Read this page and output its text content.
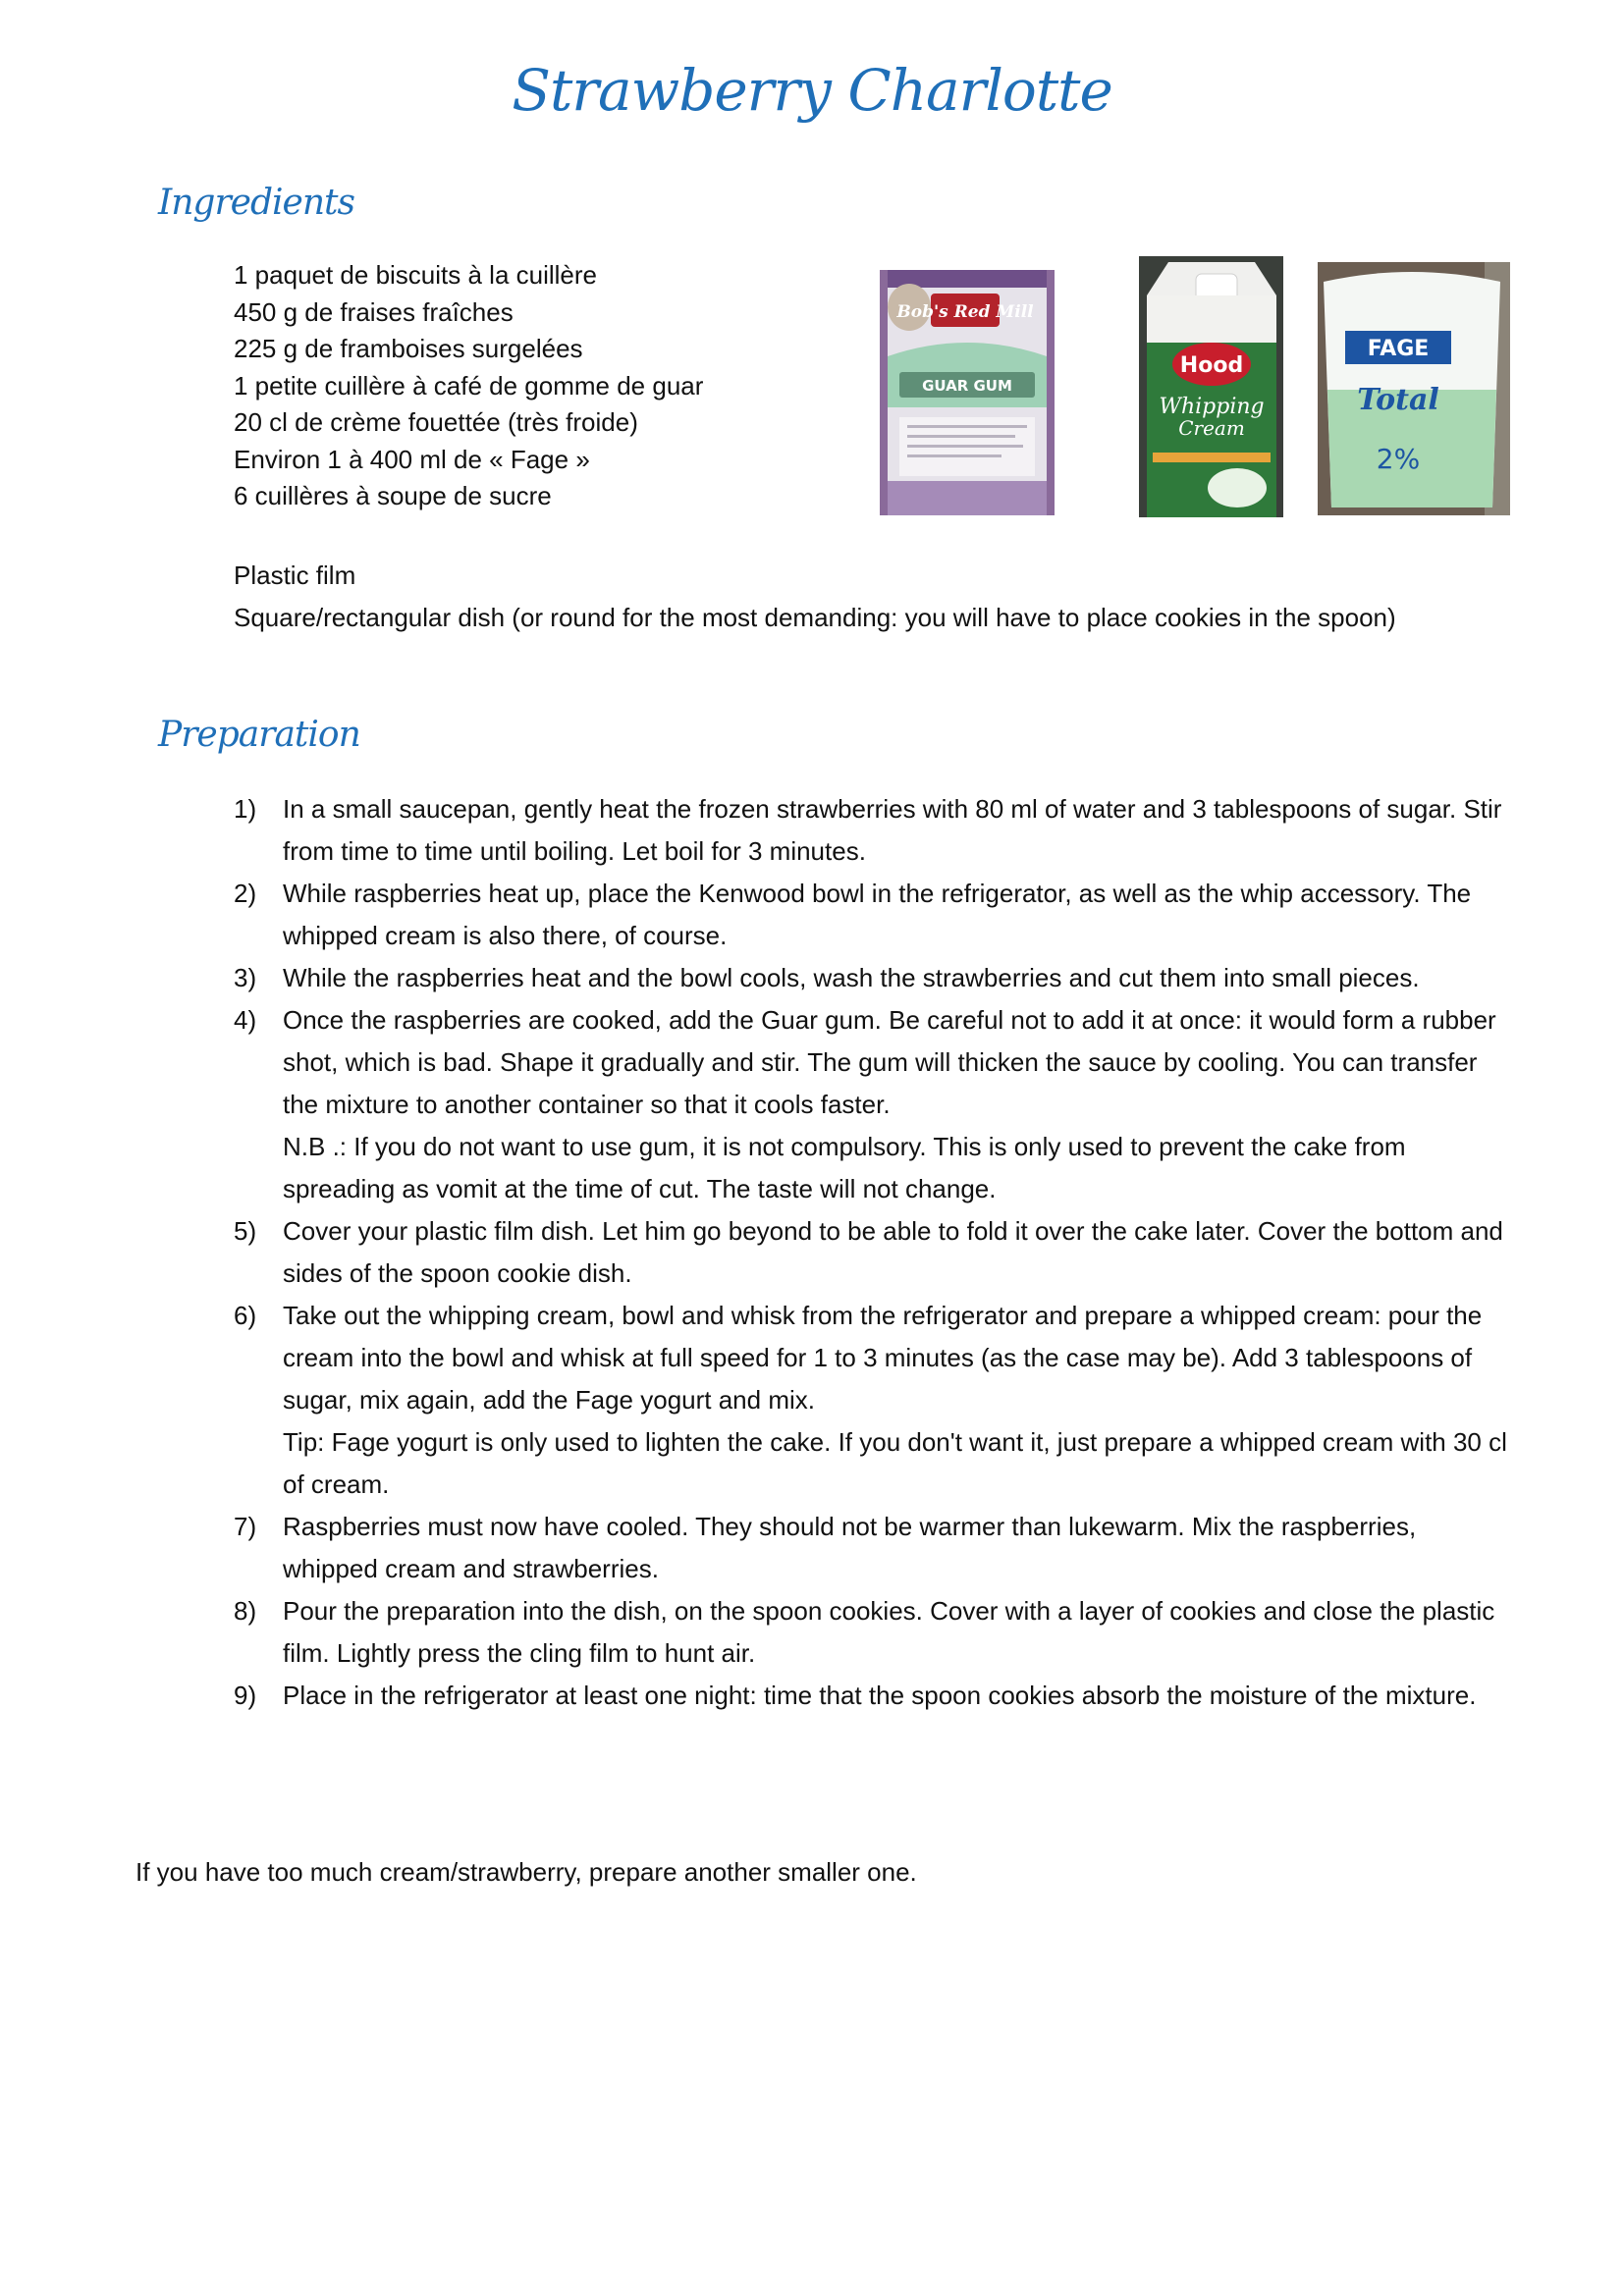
Strawberry Charlotte
Ingredients
1 paquet de biscuits à la cuillère
450 g de fraises fraîches
225 g de framboises surgelées
1 petite cuillère à café de gomme de guar
20 cl de crème fouettée (très froide)
Environ 1 à 400 ml de « Fage »
6 cuillères à soupe de sucre
Bob's Red Mill
GUAR GUM
Hood
Whipping
Cream
FAGE
Total
2%

Plastic film

Square/rectangular dish (or round for the most demanding: you will have to place cookies in the spoon)

Preparation
1) In a small saucepan, gently heat the frozen strawberries with 80 ml of water and 3 tablespoons of sugar. Stir from time to time until boiling. Let boil for 3 minutes.
2) While raspberries heat up, place the Kenwood bowl in the refrigerator, as well as the whip accessory. The whipped cream is also there, of course.
3) While the raspberries heat and the bowl cools, wash the strawberries and cut them into small pieces.
4) Once the raspberries are cooked, add the Guar gum. Be careful not to add it at once: it would form a rubber shot, which is bad. Shape it gradually and stir. The gum will thicken the sauce by cooling. You can transfer the mixture to another container so that it cools faster.
N.B .: If you do not want to use gum, it is not compulsory. This is only used to prevent the cake from spreading as vomit at the time of cut. The taste will not change.
5) Cover your plastic film dish. Let him go beyond to be able to fold it over the cake later. Cover the bottom and sides of the spoon cookie dish.
6) Take out the whipping cream, bowl and whisk from the refrigerator and prepare a whipped cream: pour the cream into the bowl and whisk at full speed for 1 to 3 minutes (as the case may be). Add 3 tablespoons of sugar, mix again, add the Fage yogurt and mix.
Tip: Fage yogurt is only used to lighten the cake. If you don't want it, just prepare a whipped cream with 30 cl of cream.
7) Raspberries must now have cooled. They should not be warmer than lukewarm. Mix the raspberries, whipped cream and strawberries.
8) Pour the preparation into the dish, on the spoon cookies. Cover with a layer of cookies and close the plastic film. Lightly press the cling film to hunt air.
9) Place in the refrigerator at least one night: time that the spoon cookies absorb the moisture of the mixture.
If you have too much cream/strawberry, prepare another smaller one.
